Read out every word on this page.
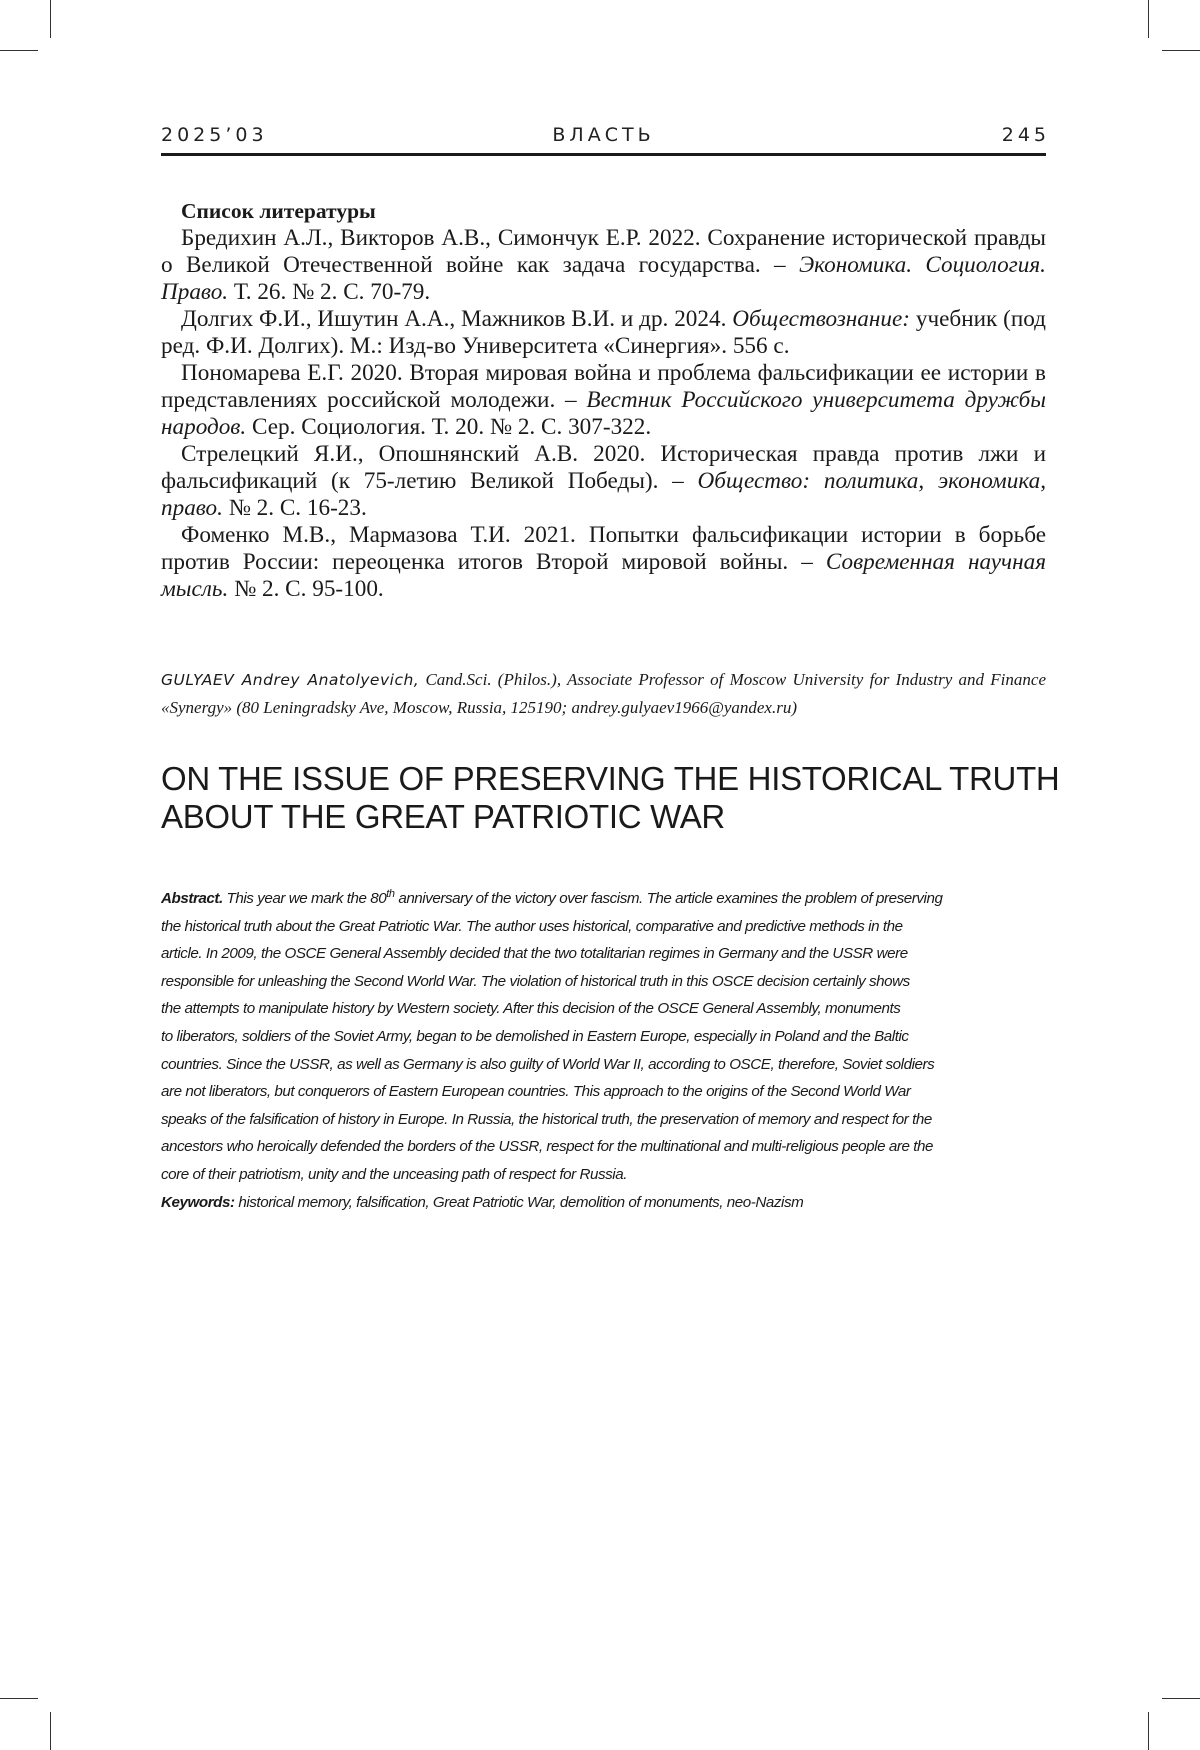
2025’03	ВЛАСТЬ	245
Список литературы

Бредихин А.Л., Викторов А.В., Симончук Е.Р. 2022. Сохранение исторической правды о Великой Отечественной войне как задача государства. – Экономика. Социология. Право. Т. 26. № 2. С. 70-79.

Долгих Ф.И., Ишутин А.А., Мажников В.И. и др. 2024. Обществознание: учебник (под ред. Ф.И. Долгих). М.: Изд-во Университета «Синергия». 556 с.

Пономарева Е.Г. 2020. Вторая мировая война и проблема фальсификации ее истории в представлениях российской молодежи. – Вестник Российского университета дружбы народов. Сер. Социология. Т. 20. № 2. С. 307-322.

Стрелецкий Я.И., Опошнянский А.В. 2020. Историческая правда против лжи и фальсификаций (к 75-летию Великой Победы). – Общество: политика, экономика, право. № 2. С. 16-23.

Фоменко М.В., Мармазова Т.И. 2021. Попытки фальсификации истории в борьбе против России: переоценка итогов Второй мировой войны. – Современная научная мысль. № 2. С. 95-100.

GULYAEV Andrey Anatolyevich, Cand.Sci. (Philos.), Associate Professor of Moscow University for Industry and Finance «Synergy» (80 Leningradsky Ave, Moscow, Russia, 125190; andrey.gulyaev1966@yandex.ru)
ON THE ISSUE OF PRESERVING THE HISTORICAL TRUTH
ABOUT THE GREAT PATRIOTIC WAR
Abstract. This year we mark the 80th anniversary of the victory over fascism. The article examines the problem of preserving
the historical truth about the Great Patriotic War. The author uses historical, comparative and predictive methods in the
article. In 2009, the OSCE General Assembly decided that the two totalitarian regimes in Germany and the USSR were
responsible for unleashing the Second World War. The violation of historical truth in this OSCE decision certainly shows
the attempts to manipulate history by Western society. After this decision of the OSCE General Assembly, monuments
to liberators, soldiers of the Soviet Army, began to be demolished in Eastern Europe, especially in Poland and the Baltic
countries. Since the USSR, as well as Germany is also guilty of World War II, according to OSCE, therefore, Soviet soldiers
are not liberators, but conquerors of Eastern European countries. This approach to the origins of the Second World War
speaks of the falsification of history in Europe. In Russia, the historical truth, the preservation of memory and respect for the
ancestors who heroically defended the borders of the USSR, respect for the multinational and multi-religious people are the
core of their patriotism, unity and the unceasing path of respect for Russia.
Keywords: historical memory, falsification, Great Patriotic War, demolition of monuments, neo-Nazism
